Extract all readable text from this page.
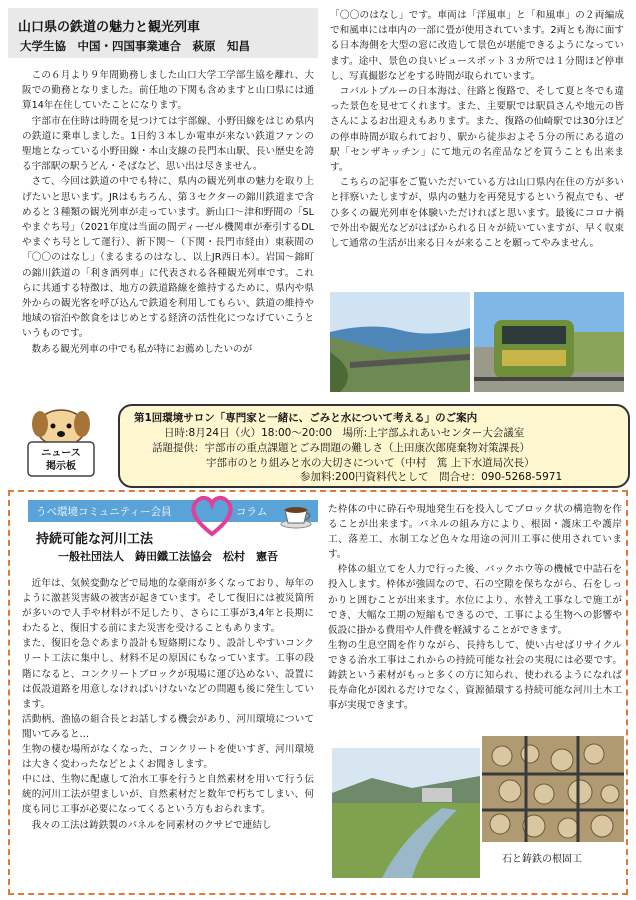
山口県の鉄道の魅力と観光列車
大学生協　中国・四国事業連合　萩原　知昌

この６月より９年間勤務しました山口大学工学部生協を離れ、大阪での勤務となりました。前任地の下関も含めますと山口県には通算14年在住していたことになります。

宇部市在住時は時間を見つけては宇部線、小野田線をはじめ県内の鉄道に乗車しました。1日約３本しか電車が来ない鉄道ファンの聖地となっている小野田線・本山支線の長門本山駅、長い歴史を誇る宇部駅の駅うどん・そばなど、思い出は尽きません。

さて、今回は鉄道の中でも特に、県内の観光列車の魅力を取り上げたいと思います。JRはもちろん、第３セクターの錦川鉄道まで含めると３種類の観光列車が走っています。新山口～津和野間の「SLやまぐち号」（2021年度は当面の間ディーゼル機関車が牽引するDLやまぐち号として運行）、新下関～（下関・長門市経由）東萩間の「〇〇のはなし」（まるまるのはなし、以上JR西日本）。岩国～錦町の錦川鉄道の「利き酒列車」に代表される各種観光列車です。これらに共通する特徴は、地方の鉄道路線を維持するために、県内や県外からの観光客を呼び込んで鉄道を利用してもらい、鉄道の維持や地域の宿泊や飲食をはじめとする経済の活性化につなげていこうというものです。

数ある観光列車の中でも私が特にお薦めしたいのが

「〇〇のはなし」です。車両は「洋風車」と「和風車」の２両編成で和風車には車内の一部に畳が使用されています。2両とも海に面する日本海側を大型の窓に改造して景色が堪能できるようになっています。途中、景色の良いビュースポット３カ所では１分間ほど停車し、写真撮影などをする時間が取られています。

コバルトブルーの日本海は、往路と復路で、そして夏と冬でも違った景色を見せてくれます。また、主要駅では駅員さんや地元の皆さんによるお出迎えもあります。また、復路の仙崎駅では30分ほどの停車時間が取られており、駅から徒歩およそ５分の所にある道の駅「センザキッチン」にて地元の名産品などを買うことも出来ます。

こちらの記事をご覧いただいている方は山口県内在住の方が多いと拝察いたしますが、県内の魅力を再発見するという視点でも、ぜひ多くの観光列車を体験いただければと思います。最後にコロナ禍で外出や観光などがはばかられる日々が続いていますが、早く収束して通常の生活が出来る日々が来ることを願ってやみません。

ニュース
掲示板
第1回環境サロン「専門家と一緒に、ごみと水について考える」のご案内
日時:8月24日（火）18:00～20:00　場所:上宇部ふれあいセンター大会議室
話題提供：宇部市の重点課題とごみ問題の難しさ（上田康次郎廃棄物対策課長）
宇部市のとり組みと水の大切さについて（中村　篤 上下水道局次長）
参加料:200円資料代として　問合せ：090-5268-5971
うべ環境コミュニティー会員	コラム
持続可能な河川工法
一般社団法人　鋳田鐵工法協会　松村　憲吾

近年は、気候変動などで局地的な豪雨が多くなっており、毎年のように激甚災害級の被害が起きています。そして復旧には被災箇所が多いので人手や材料が不足したり、さらに工事が3,4年と長期にわたると、復旧する前にまた災害を受けることもあります。

また、復旧を急ぐあまり設計も短絡期になり、設計しやすいコンクリート工法に集中し、材料不足の原因にもなっています。工事の段階になると、コンクリートブロックが現場に運び込めない、設置には仮設道路を用意しなければいけないなどの問題も後に発生しています。

活動柄、漁協の組合長とお話しする機会があり、河川環境について聞いてみると…

生物の棲む場所がなくなった、コンクリートを使いすぎ、河川環境は大きく変わったなどとよくお聞きします。

中には、生物に配慮して治水工事を行うと自然素材を用いて行う伝統的河川工法が望ましいが、自然素材だと数年で朽ちてしまい、何度も同じ工事が必要になってくるという方もおられます。

我々の工法は鋳鉄製のパネルを同素材のクサビで連結し

た枠体の中に砕石や現地発生石を投入してブロック状の構造物を作ることが出来ます。パネルの組み方により、根固・護床工や護岸工、落差工、水制工など色々な用途の河川工事に使用されています。

枠体の組立てを人力で行った後、バックホウ等の機械で中詰石を投入します。枠体が強固なので、石の空隙を保ちながら、石をしっかりと囲むことが出来ます。水位により、水替え工事なしで施工ができ、大幅な工期の短縮もできるので、工事による生物への影響や仮設に掛かる費用や人件費を軽減することができます。

生物の生息空間を作りながら、長持ちして、使い古せばリサイクルできる治水工事はこれからの持続可能な社会の実現には必要です。鋳鉄という素材がもっと多くの方に知られ、使われるようになれば長寿命化が図れるだけでなく、資源循環する持続可能な河川土木工事が実現できます。

石と鋳鉄の根固工
